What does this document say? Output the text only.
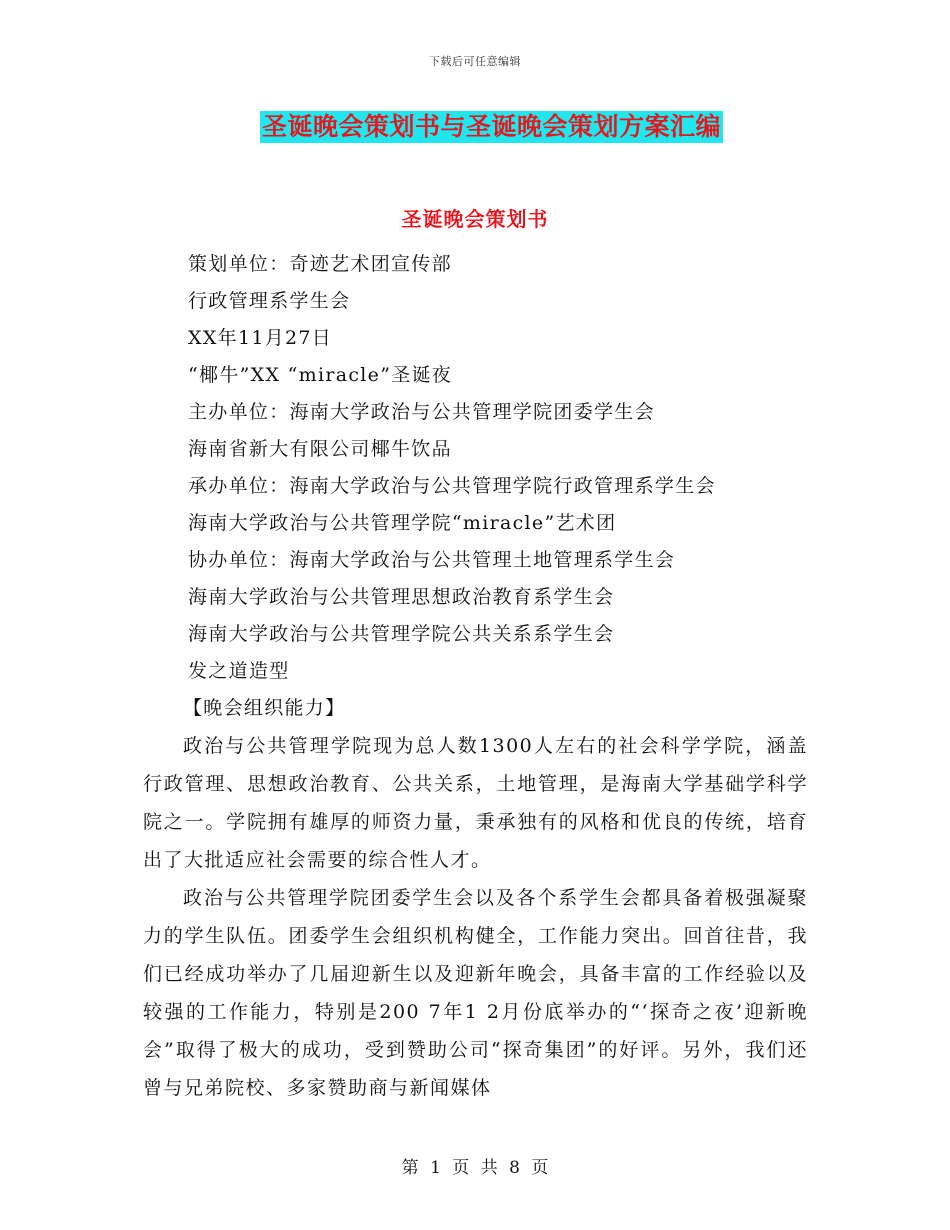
下载后可任意编辑
圣诞晚会策划书与圣诞晚会策划方案汇编
圣诞晚会策划书
策划单位：奇迹艺术团宣传部
行政管理系学生会
XX年11月27日
“椰牛”XX “miracle”圣诞夜
主办单位：海南大学政治与公共管理学院团委学生会
海南省新大有限公司椰牛饮品
承办单位：海南大学政治与公共管理学院行政管理系学生会
海南大学政治与公共管理学院“miracle”艺术团
协办单位：海南大学政治与公共管理土地管理系学生会
海南大学政治与公共管理思想政治教育系学生会
海南大学政治与公共管理学院公共关系系学生会
发之道造型
【晚会组织能力】

政治与公共管理学院现为总人数1300人左右的社会科学学院，涵盖行政管理、思想政治教育、公共关系，土地管理，是海南大学基础学科学院之一。学院拥有雄厚的师资力量，秉承独有的风格和优良的传统，培育出了大批适应社会需要的综合性人才。

政治与公共管理学院团委学生会以及各个系学生会都具备着极强凝聚力的学生队伍。团委学生会组织机构健全，工作能力突出。回首往昔，我们已经成功举办了几届迎新生以及迎新年晚会，具备丰富的工作经验以及较强的工作能力，特别是200 7年1 2月份底举办的“‘探奇之夜’迎新晚会”取得了极大的成功，受到赞助公司“探奇集团”的好评。另外，我们还曾与兄弟院校、多家赞助商与新闻媒体

第 1 页 共 8 页
